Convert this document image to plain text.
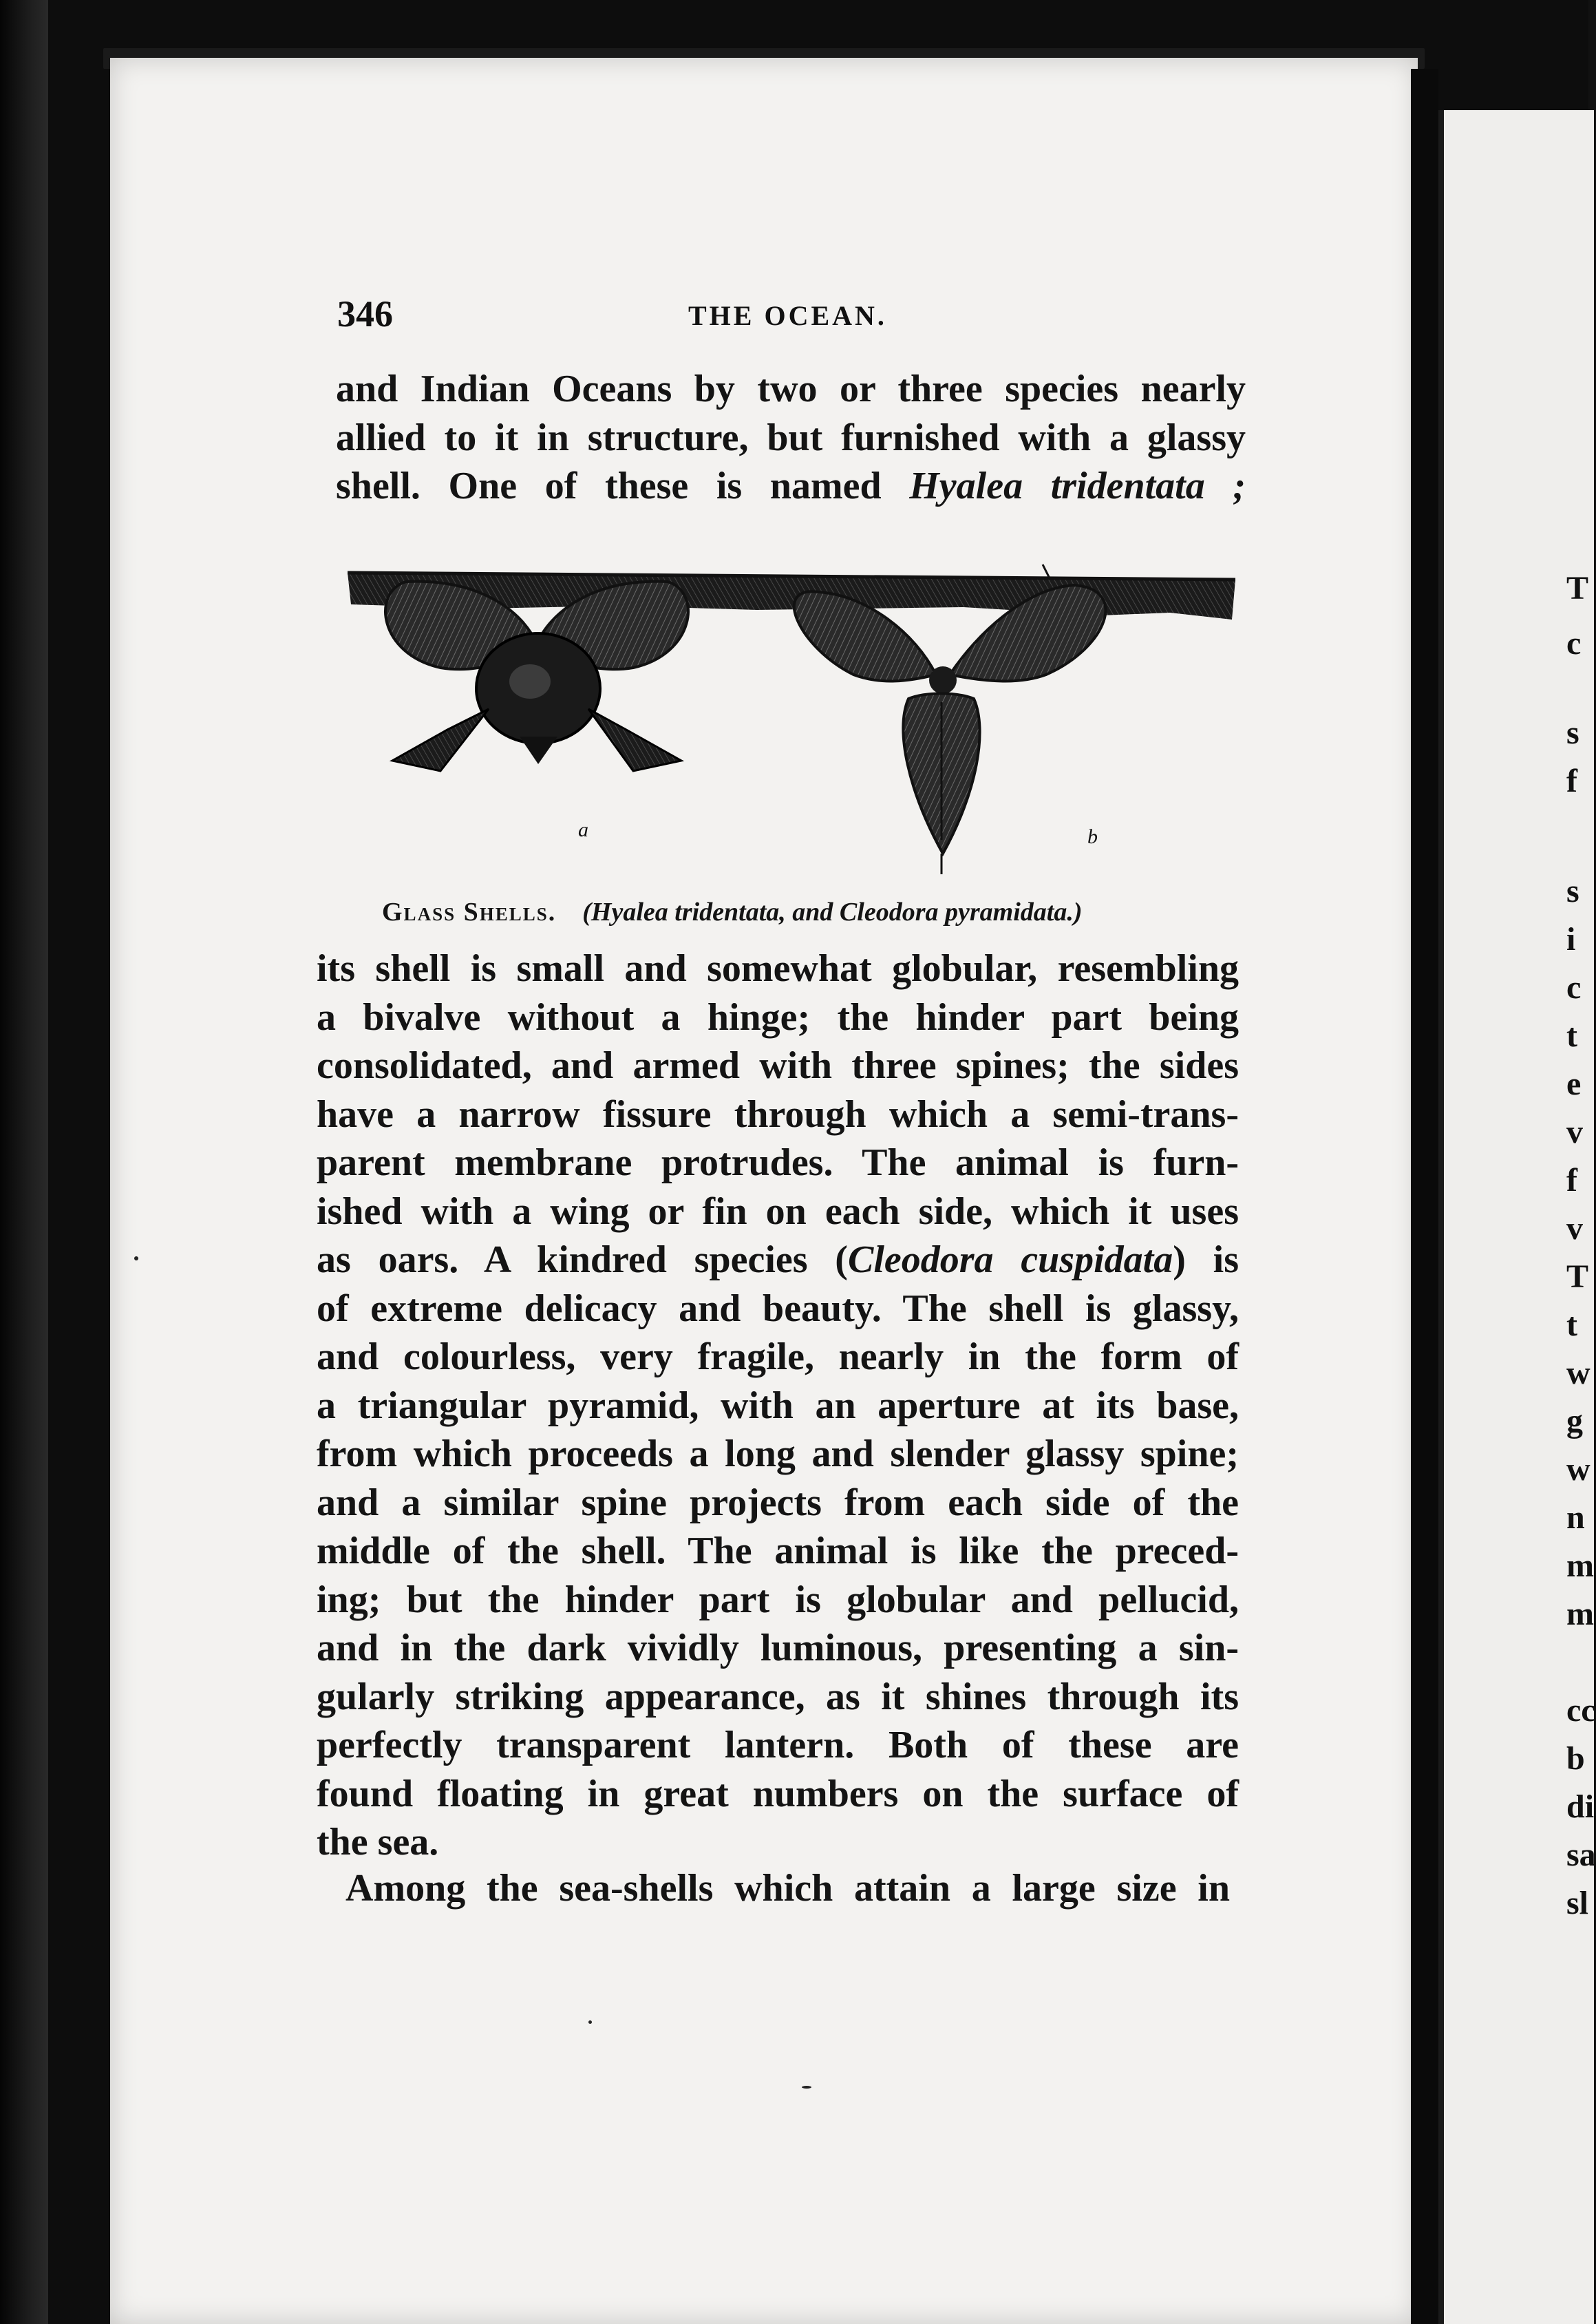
346	THE OCEAN.
and Indian Oceans by two or three species nearly
allied to it in structure, but furnished with a glassy
shell. One of these is named Hyalea tridentata ;
a	b
Glass Shells. (Hyalea tridentata, and Cleodora pyramidata.)
its shell is small and somewhat globular, resembling
a bivalve without a hinge; the hinder part being
consolidated, and armed with three spines; the sides
have a narrow fissure through which a semi-trans-
parent membrane protrudes. The animal is furn-
ished with a wing or fin on each side, which it uses
as oars. A kindred species (Cleodora cuspidata) is
of extreme delicacy and beauty. The shell is glassy,
and colourless, very fragile, nearly in the form of
a triangular pyramid, with an aperture at its base,
from which proceeds a long and slender glassy spine;
and a similar spine projects from each side of the
middle of the shell. The animal is like the preced-
ing; but the hinder part is globular and pellucid,
and in the dark vividly luminous, presenting a sin-
gularly striking appearance, as it shines through its
perfectly transparent lantern. Both of these are
found floating in great numbers on the surface of
the sea.
Among the sea-shells which attain a large size in
T
c
s
f
s
i
c
t
e
v
f
v
T
t
w
g
w
n
m
m
cc
b
di
sa
sl
